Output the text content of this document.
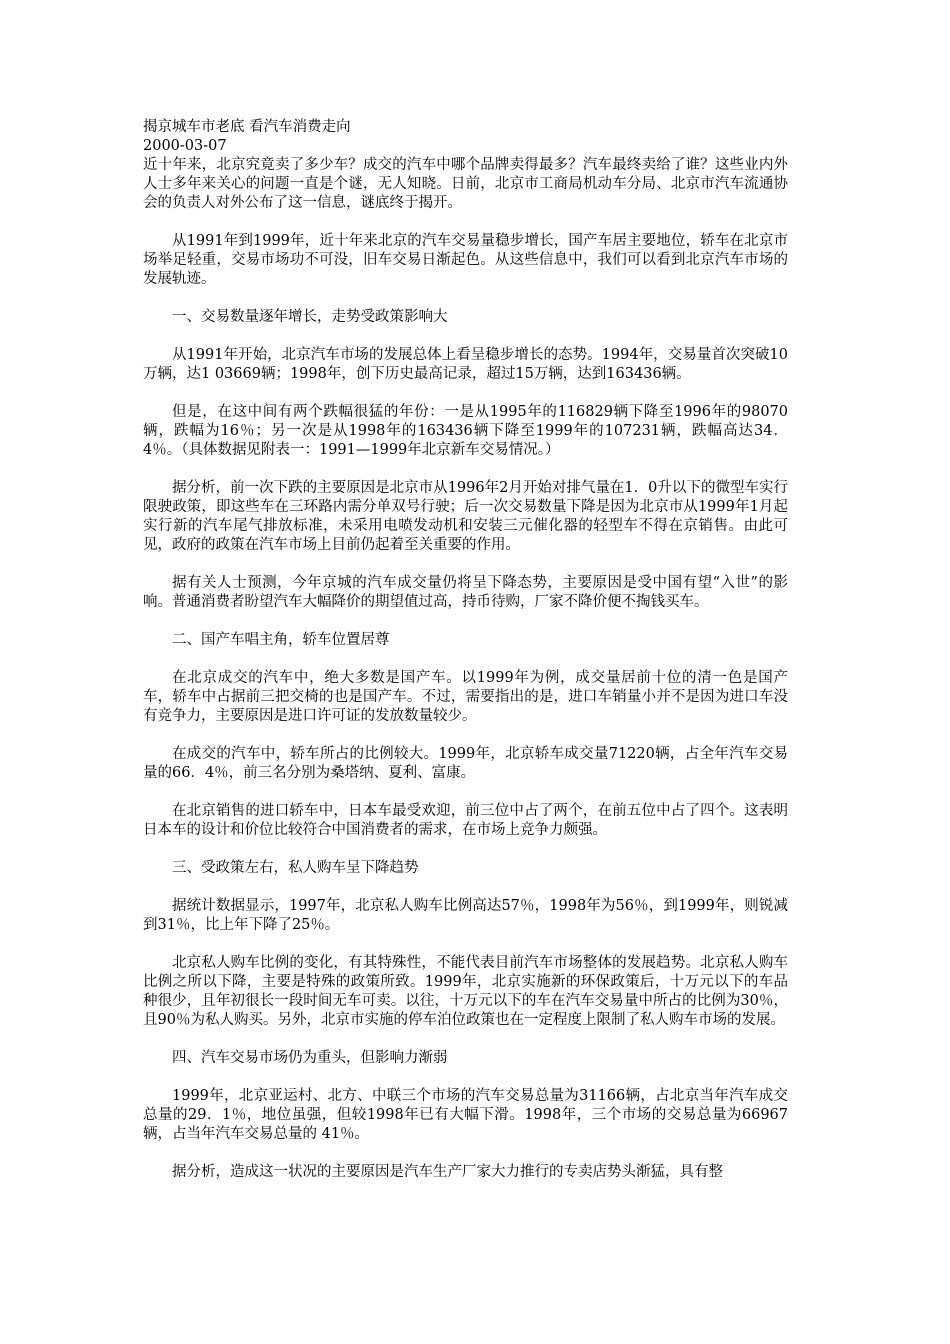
揭京城车市老底 看汽车消费走向
2000-03-07

近十年来，北京究竟卖了多少车？成交的汽车中哪个品牌卖得最多？汽车最终卖给了谁？这些业内外人士多年来关心的问题一直是个谜，无人知晓。日前，北京市工商局机动车分局、北京市汽车流通协会的负责人对外公布了这一信息，谜底终于揭开。

从1991年到1999年，近十年来北京的汽车交易量稳步增长，国产车居主要地位，轿车在北京市场举足轻重，交易市场功不可没，旧车交易日渐起色。从这些信息中，我们可以看到北京汽车市场的发展轨迹。

一、交易数量逐年增长，走势受政策影响大

从1991年开始，北京汽车市场的发展总体上看呈稳步增长的态势。1994年，交易量首次突破10万辆，达1 03669辆；1998年，创下历史最高记录，超过15万辆，达到163436辆。

但是，在这中间有两个跌幅很猛的年份：一是从1995年的116829辆下降至1996年的98070辆，跌幅为16％；另一次是从1998年的163436辆下降至1999年的107231辆，跌幅高达34．4％。（具体数据见附表一：1991—1999年北京新车交易情况。）

据分析，前一次下跌的主要原因是北京市从1996年2月开始对排气量在1．0升以下的微型车实行限驶政策，即这些车在三环路内需分单双号行驶；后一次交易数量下降是因为北京市从1999年1月起实行新的汽车尾气排放标准，未采用电喷发动机和安装三元催化器的轻型车不得在京销售。由此可见，政府的政策在汽车市场上目前仍起着至关重要的作用。

据有关人士预测，今年京城的汽车成交量仍将呈下降态势，主要原因是受中国有望“入世”的影响。普通消费者盼望汽车大幅降价的期望值过高，持币待购，厂家不降价便不掏钱买车。

二、国产车唱主角，轿车位置居尊

在北京成交的汽车中，绝大多数是国产车。以1999年为例，成交量居前十位的清一色是国产车，轿车中占据前三把交椅的也是国产车。不过，需要指出的是，进口车销量小并不是因为进口车没有竞争力，主要原因是进口许可证的发放数量较少。

在成交的汽车中，轿车所占的比例较大。1999年，北京轿车成交量71220辆，占全年汽车交易量的66．4％，前三名分别为桑塔纳、夏利、富康。

在北京销售的进口轿车中，日本车最受欢迎，前三位中占了两个，在前五位中占了四个。这表明日本车的设计和价位比较符合中国消费者的需求，在市场上竞争力颇强。

三、受政策左右，私人购车呈下降趋势

据统计数据显示，1997年，北京私人购车比例高达57％，1998年为56％，到1999年，则锐减到31％，比上年下降了25％。

北京私人购车比例的变化，有其特殊性，不能代表目前汽车市场整体的发展趋势。北京私人购车比例之所以下降，主要是特殊的政策所致。1999年，北京实施新的环保政策后，十万元以下的车品种很少，且年初很长一段时间无车可卖。以往，十万元以下的车在汽车交易量中所占的比例为30％，且90％为私人购买。另外，北京市实施的停车泊位政策也在一定程度上限制了私人购车市场的发展。

四、汽车交易市场仍为重头，但影响力渐弱

1999年，北京亚运村、北方、中联三个市场的汽车交易总量为31166辆，占北京当年汽车成交总量的29．1％，地位虽强，但较1998年已有大幅下滑。1998年，三个市场的交易总量为66967辆，占当年汽车交易总量的 41％。

据分析，造成这一状况的主要原因是汽车生产厂家大力推行的专卖店势头渐猛，具有整
